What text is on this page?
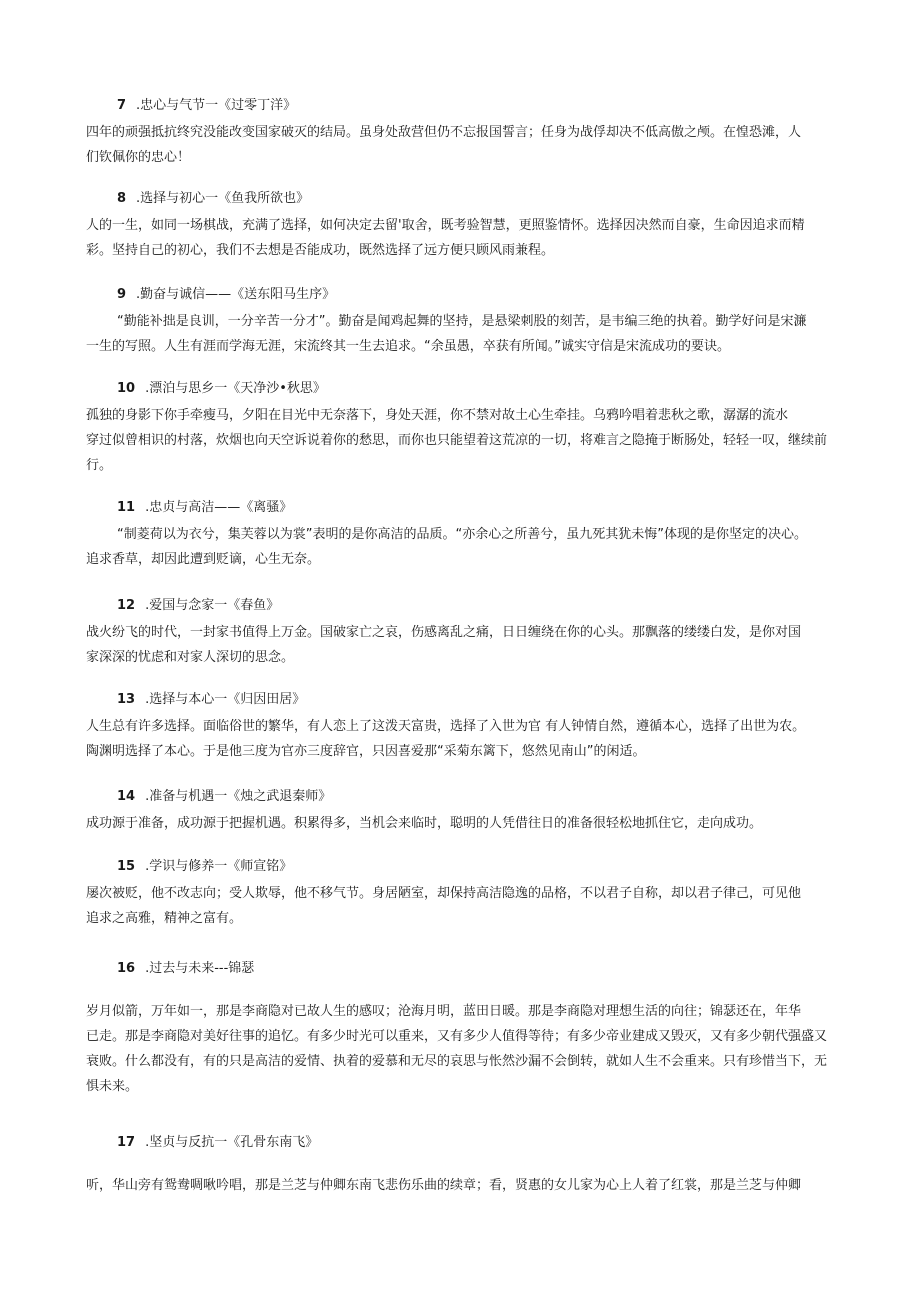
7 .忠心与气节一《过零丁洋》

四年的顽强抵抗终究没能改变国家破灭的结局。虽身处敌营但仍不忘报国誓言；任身为战俘却决不低高傲之颅。在惶恐滩，人
们钦佩你的忠心！

8 .选择与初心一《鱼我所欲也》

人的一生，如同一场棋战，充满了选择，如何决定去留'取舍，既考验智慧，更照鉴情怀。选择因决然而自豪，生命因追求而精
彩。坚持自己的初心，我们不去想是否能成功，既然选择了远方便只顾风雨兼程。

9 .勤奋与诚信——《送东阳马生序》

“勤能补拙是良训，一分辛苦一分才”。勤奋是闻鸡起舞的坚持，是悬梁刺股的刻苦，是韦编三绝的执着。勤学好问是宋濂
一生的写照。人生有涯而学海无涯，宋流终其一生去追求。“余虽愚，卒获有所闻。”诚实守信是宋流成功的要诀。

10 .漂泊与思乡一《天净沙•秋思》

孤独的身影下你手牵瘦马，夕阳在目光中无奈落下，身处天涯，你不禁对故土心生牵挂。乌鸦吟唱着悲秋之歌，潺潺的流水
穿过似曾相识的村落，炊烟也向天空诉说着你的愁思，而你也只能望着这荒凉的一切，将难言之隐掩于断肠处，轻轻一叹，继续前
行。

11 .忠贞与高洁——《离骚》

“制菱荷以为衣兮，集芙蓉以为裳”表明的是你高洁的品质。“亦余心之所善兮，虽九死其犹未悔”体现的是你坚定的决心。
追求香草，却因此遭到贬谪，心生无奈。

12 .爱国与念家一《春鱼》

战火纷飞的时代，一封家书值得上万金。国破家亡之哀，伤感离乱之痛，日日缠绕在你的心头。那飘落的缕缕白发，是你对国
家深深的忧虑和对家人深切的思念。

13 .选择与本心一《归因田居》

人生总有许多选择。面临俗世的繁华，有人恋上了这泼天富贵，选择了入世为官 有人钟情自然，遵循本心，选择了出世为农。
陶渊明选择了本心。于是他三度为官亦三度辞官，只因喜爱那“采菊东篱下，悠然见南山”的闲适。

14 .准备与机遇一《烛之武退秦师》

成功源于准备，成功源于把握机遇。积累得多，当机会来临时，聪明的人凭借往日的准备很轻松地抓住它，走向成功。

15 .学识与修养一《师宣铭》

屡次被贬，他不改志向；受人欺辱，他不移气节。身居陋室，却保持高洁隐逸的品格，不以君子自称，却以君子律己，可见他
追求之高雅，精神之富有。

16 .过去与未来---锦瑟

岁月似箭，万年如一，那是李商隐对已故人生的感叹；沧海月明，蓝田日暖。那是李商隐对理想生活的向往；锦瑟还在，年华
已走。那是李商隐对美好往事的追忆。有多少时光可以重来，又有多少人值得等待；有多少帝业建成又毁灭，又有多少朝代强盛又
衰败。什么都没有，有的只是高洁的爱情、执着的爱慕和无尽的哀思与怅然沙漏不会倒转，就如人生不会重来。只有珍惜当下，无
惧未来。

17 .坚贞与反抗一《孔骨东南飞》

听，华山旁有鸳鸯啁啾吟唱，那是兰芝与仲卿东南飞悲伤乐曲的续章；看，贤惠的女儿家为心上人着了红裳，那是兰芝与仲卿
